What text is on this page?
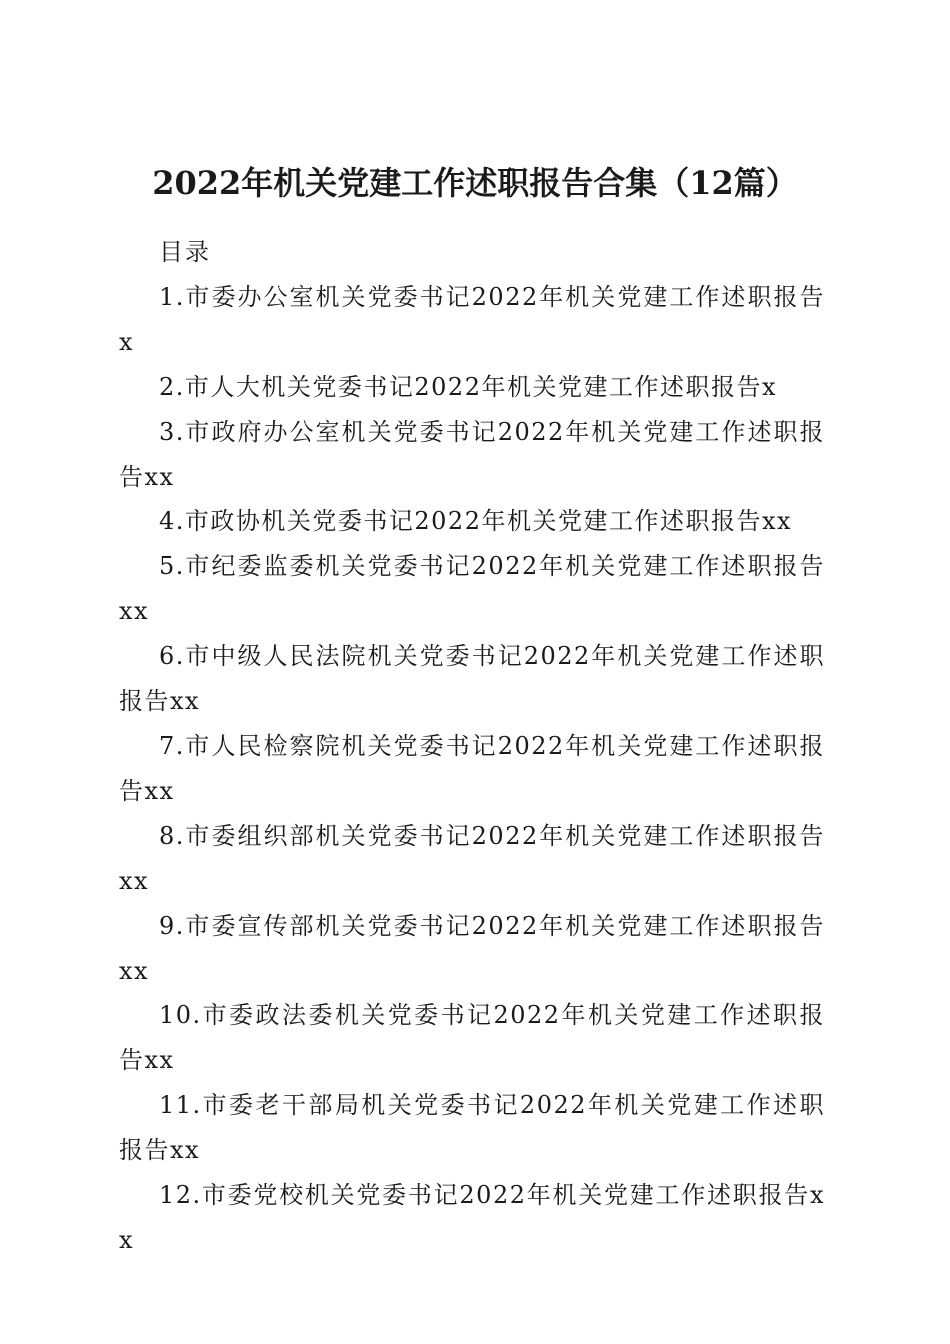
2022年机关党建工作述职报告合集（12篇）

目录

1.市委办公室机关党委书记2022年机关党建工作述职报告x
2.市人大机关党委书记2022年机关党建工作述职报告x
3.市政府办公室机关党委书记2022年机关党建工作述职报告xx
4.市政协机关党委书记2022年机关党建工作述职报告xx
5.市纪委监委机关党委书记2022年机关党建工作述职报告xx
6.市中级人民法院机关党委书记2022年机关党建工作述职报告xx
7.市人民检察院机关党委书记2022年机关党建工作述职报告xx
8.市委组织部机关党委书记2022年机关党建工作述职报告xx
9.市委宣传部机关党委书记2022年机关党建工作述职报告xx
10.市委政法委机关党委书记2022年机关党建工作述职报告xx
11.市委老干部局机关党委书记2022年机关党建工作述职报告xx
12.市委党校机关党委书记2022年机关党建工作述职报告xx
